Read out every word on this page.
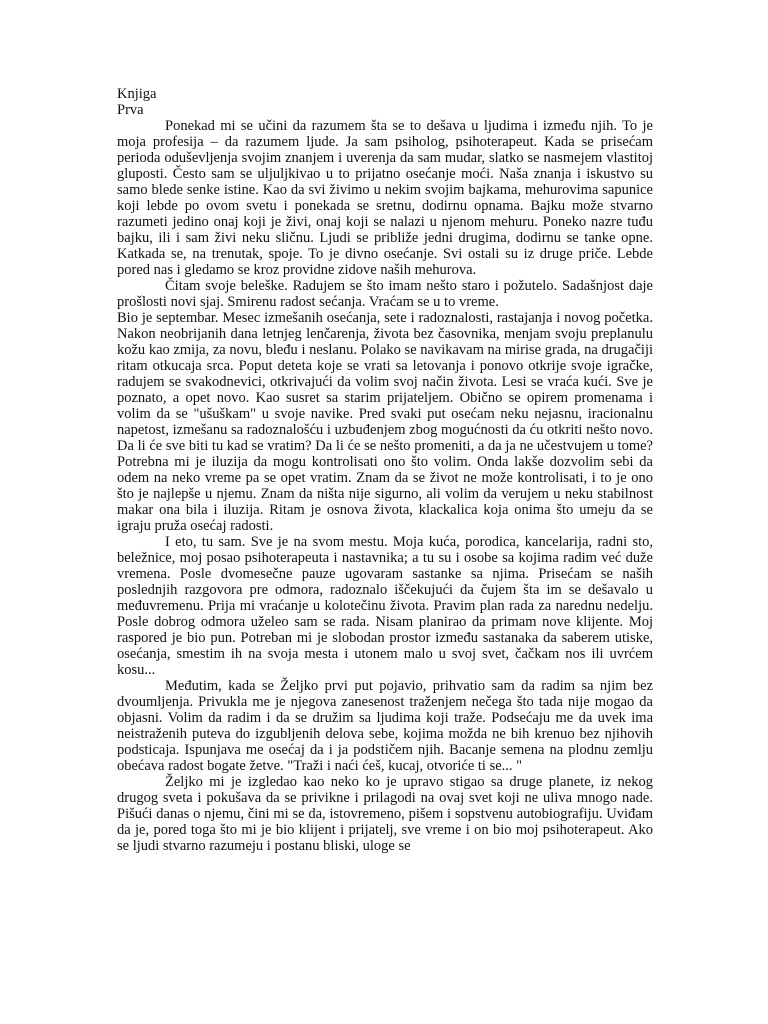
Knjiga
Prva

Ponekad mi se učini da razumem šta se to dešava u ljudima i između njih. To je moja profesija – da razumem ljude. Ja sam psiholog, psihoterapeut. Kada se prisećam perioda oduševljenja svojim znanjem i uverenja da sam mudar, slatko se nasmejem vlastitoj gluposti. Često sam se uljuljkivao u to prijatno osećanje moći. Naša znanja i iskustvo su samo blede senke istine. Kao da svi živimo u nekim svojim bajkama, mehurovima sapunice koji lebde po ovom svetu i ponekada se sretnu, dodirnu opnama. Bajku može stvarno razumeti jedino onaj koji je živi, onaj koji se nalazi u njenom mehuru. Poneko nazre tuđu bajku, ili i sam živi neku sličnu. Ljudi se približe jedni drugima, dodirnu se tanke opne. Katkada se, na trenutak, spoje. To je divno osećanje. Svi ostali su iz druge priče. Lebde pored nas i gledamo se kroz providne zidove naših mehurova.

Čitam svoje beleške. Radujem se što imam nešto staro i požutelo. Sadašnjost daje prošlosti novi sjaj. Smirenu radost sećanja. Vraćam se u to vreme.

Bio je septembar. Mesec izmešanih osećanja, sete i radoznalosti, rastajanja i novog početka. Nakon neobrijanih dana letnjeg lenčarenja, života bez časovnika, menjam svoju preplanulu kožu kao zmija, za novu, bleđu i neslanu. Polako se navikavam na mirise grada, na drugačiji ritam otkucaja srca. Poput deteta koje se vrati sa letovanja i ponovo otkrije svoje igračke, radujem se svakodnevici, otkrivajući da volim svoj način života. Lesi se vraća kući. Sve je poznato, a opet novo. Kao susret sa starim prijateljem. Obično se opirem promenama i volim da se "ušuškam" u svoje navike. Pred svaki put osećam neku nejasnu, iracionalnu napetost, izmešanu sa radoznalošću i uzbuđenjem zbog mogućnosti da ću otkriti nešto novo. Da li će sve biti tu kad se vratim? Da li će se nešto promeniti, a da ja ne učestvujem u tome? Potrebna mi je iluzija da mogu kontrolisati ono što volim. Onda lakše dozvolim sebi da odem na neko vreme pa se opet vratim. Znam da se život ne može kontrolisati, i to je ono što je najlepše u njemu. Znam da ništa nije sigurno, ali volim da verujem u neku stabilnost makar ona bila i iluzija. Ritam je osnova života, klackalica koja onima što umeju da se igraju pruža osećaj radosti.

I eto, tu sam. Sve je na svom mestu. Moja kuća, porodica, kancelarija, radni sto, beležnice, moj posao psihoterapeuta i nastavnika; a tu su i osobe sa kojima radim već duže vremena. Posle dvomesečne pauze ugovaram sastanke sa njima. Prisećam se naših poslednjih razgovora pre odmora, radoznalo iščekujući da čujem šta im se dešavalo u međuvremenu. Prija mi vraćanje u kolotečinu života. Pravim plan rada za narednu nedelju. Posle dobrog odmora uželeo sam se rada. Nisam planirao da primam nove klijente. Moj raspored je bio pun. Potreban mi je slobodan prostor između sastanaka da saberem utiske, osećanja, smestim ih na svoja mesta i utonem malo u svoj svet, čačkam nos ili uvrćem kosu...

Međutim, kada se Željko prvi put pojavio, prihvatio sam da radim sa njim bez dvoumljenja. Privukla me je njegova zanesenost traženjem nečega što tada nije mogao da objasni. Volim da radim i da se družim sa ljudima koji traže. Podsećaju me da uvek ima neistraženih puteva do izgubljenih delova sebe, kojima možda ne bih krenuo bez njihovih podsticaja. Ispunjava me osećaj da i ja podstičem njih. Bacanje semena na plodnu zemlju obećava radost bogate žetve. "Traži i naći ćeš, kucaj, otvoriće ti se... "

Željko mi je izgledao kao neko ko je upravo stigao sa druge planete, iz nekog drugog sveta i pokušava da se privikne i prilagodi na ovaj svet koji ne uliva mnogo nade. Pišući danas o njemu, čini mi se da, istovremeno, pišem i sopstvenu autobiografiju. Uviđam da je, pored toga što mi je bio klijent i prijatelj, sve vreme i on bio moj psihoterapeut. Ako se ljudi stvarno razumeju i postanu bliski, uloge se
